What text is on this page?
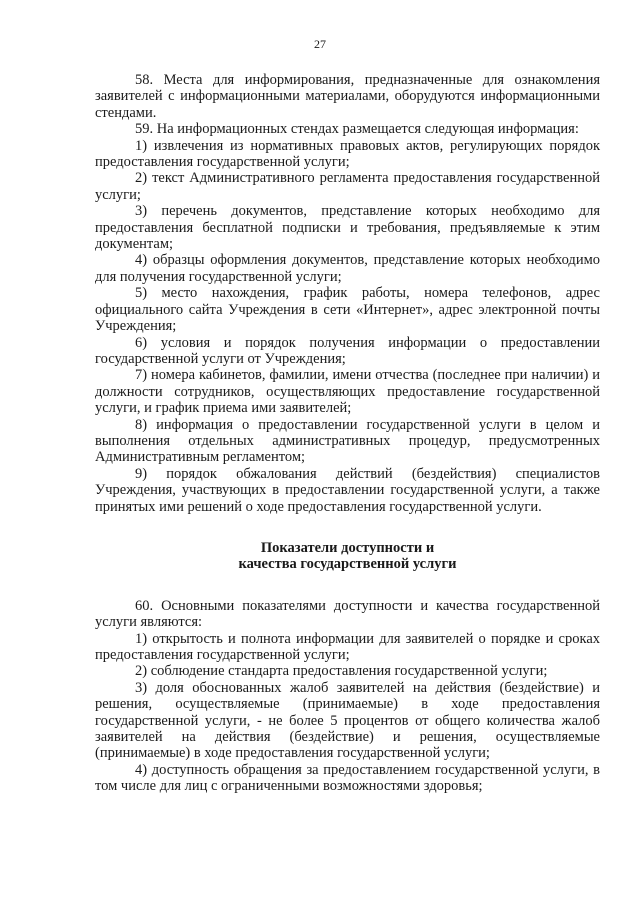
27

58. Места для информирования, предназначенные для ознакомления заявителей с информационными материалами, оборудуются информационными стендами.

59. На информационных стендах размещается следующая информация:

1) извлечения из нормативных правовых актов, регулирующих порядок предоставления государственной услуги;

2) текст Административного регламента предоставления государственной услуги;

3) перечень документов, представление которых необходимо для предоставления бесплатной подписки и требования, предъявляемые к этим документам;

4) образцы оформления документов, представление которых необходимо для получения государственной услуги;

5) место нахождения, график работы, номера телефонов, адрес официального сайта Учреждения в сети «Интернет», адрес электронной почты Учреждения;

6) условия и порядок получения информации о предоставлении государственной услуги от Учреждения;

7) номера кабинетов, фамилии, имени отчества (последнее при наличии) и должности сотрудников, осуществляющих предоставление государственной услуги, и график приема ими заявителей;

8) информация о предоставлении государственной услуги в целом и выполнения отдельных административных процедур, предусмотренных Административным регламентом;

9) порядок обжалования действий (бездействия) специалистов Учреждения, участвующих в предоставлении государственной услуги, а также принятых ими решений о ходе предоставления государственной услуги.

Показатели доступности и

качества государственной услуги

60. Основными показателями доступности и качества государственной услуги являются:

1) открытость и полнота информации для заявителей о порядке и сроках предоставления государственной услуги;

2) соблюдение стандарта предоставления государственной услуги;

3) доля обоснованных жалоб заявителей на действия (бездействие) и решения, осуществляемые (принимаемые) в ходе предоставления государственной услуги, - не более 5 процентов от общего количества жалоб заявителей на действия (бездействие) и решения, осуществляемые (принимаемые) в ходе предоставления государственной услуги;

4) доступность обращения за предоставлением государственной услуги, в том числе для лиц с ограниченными возможностями здоровья;
